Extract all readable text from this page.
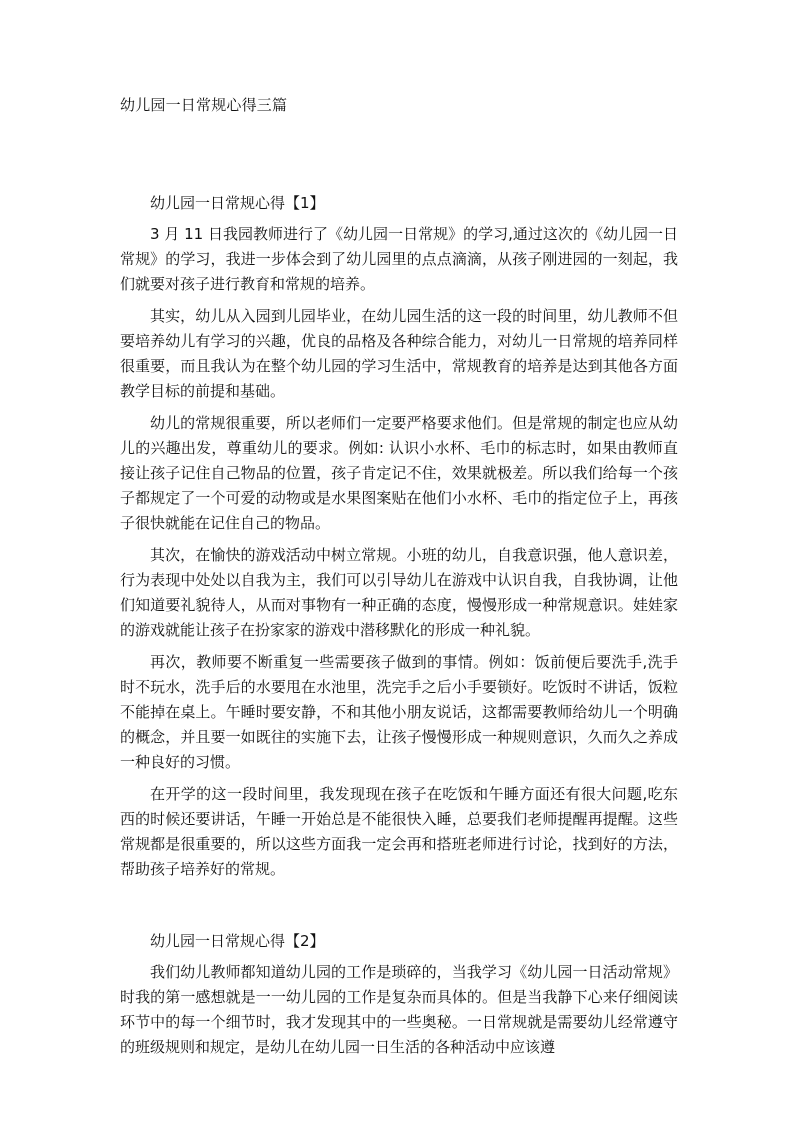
幼儿园一日常规心得三篇
幼儿园一日常规心得【1】

3 月 11 日我园教师进行了《幼儿园一日常规》的学习,通过这次的《幼儿园一日常规》的学习，我进一步体会到了幼儿园里的点点滴滴，从孩子刚进园的一刻起，我们就要对孩子进行教育和常规的培养。

其实，幼儿从入园到儿园毕业，在幼儿园生活的这一段的时间里，幼儿教师不但要培养幼儿有学习的兴趣，优良的品格及各种综合能力，对幼儿一日常规的培养同样很重要，而且我认为在整个幼儿园的学习生活中，常规教育的培养是达到其他各方面教学目标的前提和基础。

幼儿的常规很重要，所以老师们一定要严格要求他们。但是常规的制定也应从幼儿的兴趣出发，尊重幼儿的要求。例如: 认识小水杯、毛巾的标志时，如果由教师直接让孩子记住自己物品的位置，孩子肯定记不住，效果就极差。所以我们给每一个孩子都规定了一个可爱的动物或是水果图案贴在他们小水杯、毛巾的指定位子上，再孩子很快就能在记住自己的物品。

其次，在愉快的游戏活动中树立常规。小班的幼儿，自我意识强，他人意识差，行为表现中处处以自我为主，我们可以引导幼儿在游戏中认识自我，自我协调，让他们知道要礼貌待人，从而对事物有一种正确的态度，慢慢形成一种常规意识。娃娃家的游戏就能让孩子在扮家家的游戏中潜移默化的形成一种礼貌。

再次，教师要不断重复一些需要孩子做到的事情。例如：饭前便后要洗手,洗手时不玩水，洗手后的水要甩在水池里，洗完手之后小手要锁好。吃饭时不讲话，饭粒不能掉在桌上。午睡时要安静，不和其他小朋友说话，这都需要教师给幼儿一个明确的概念，并且要一如既往的实施下去，让孩子慢慢形成一种规则意识，久而久之养成一种良好的习惯。

在开学的这一段时间里，我发现现在孩子在吃饭和午睡方面还有很大问题,吃东西的时候还要讲话，午睡一开始总是不能很快入睡，总要我们老师提醒再提醒。这些常规都是很重要的，所以这些方面我一定会再和搭班老师进行讨论，找到好的方法，帮助孩子培养好的常规。

幼儿园一日常规心得【2】

我们幼儿教师都知道幼儿园的工作是琐碎的，当我学习《幼儿园一日活动常规》时我的第一感想就是一一幼儿园的工作是复杂而具体的。但是当我静下心来仔细阅读环节中的每一个细节时，我才发现其中的一些奥秘。一日常规就是需要幼儿经常遵守的班级规则和规定，是幼儿在幼儿园一日生活的各种活动中应该遵
